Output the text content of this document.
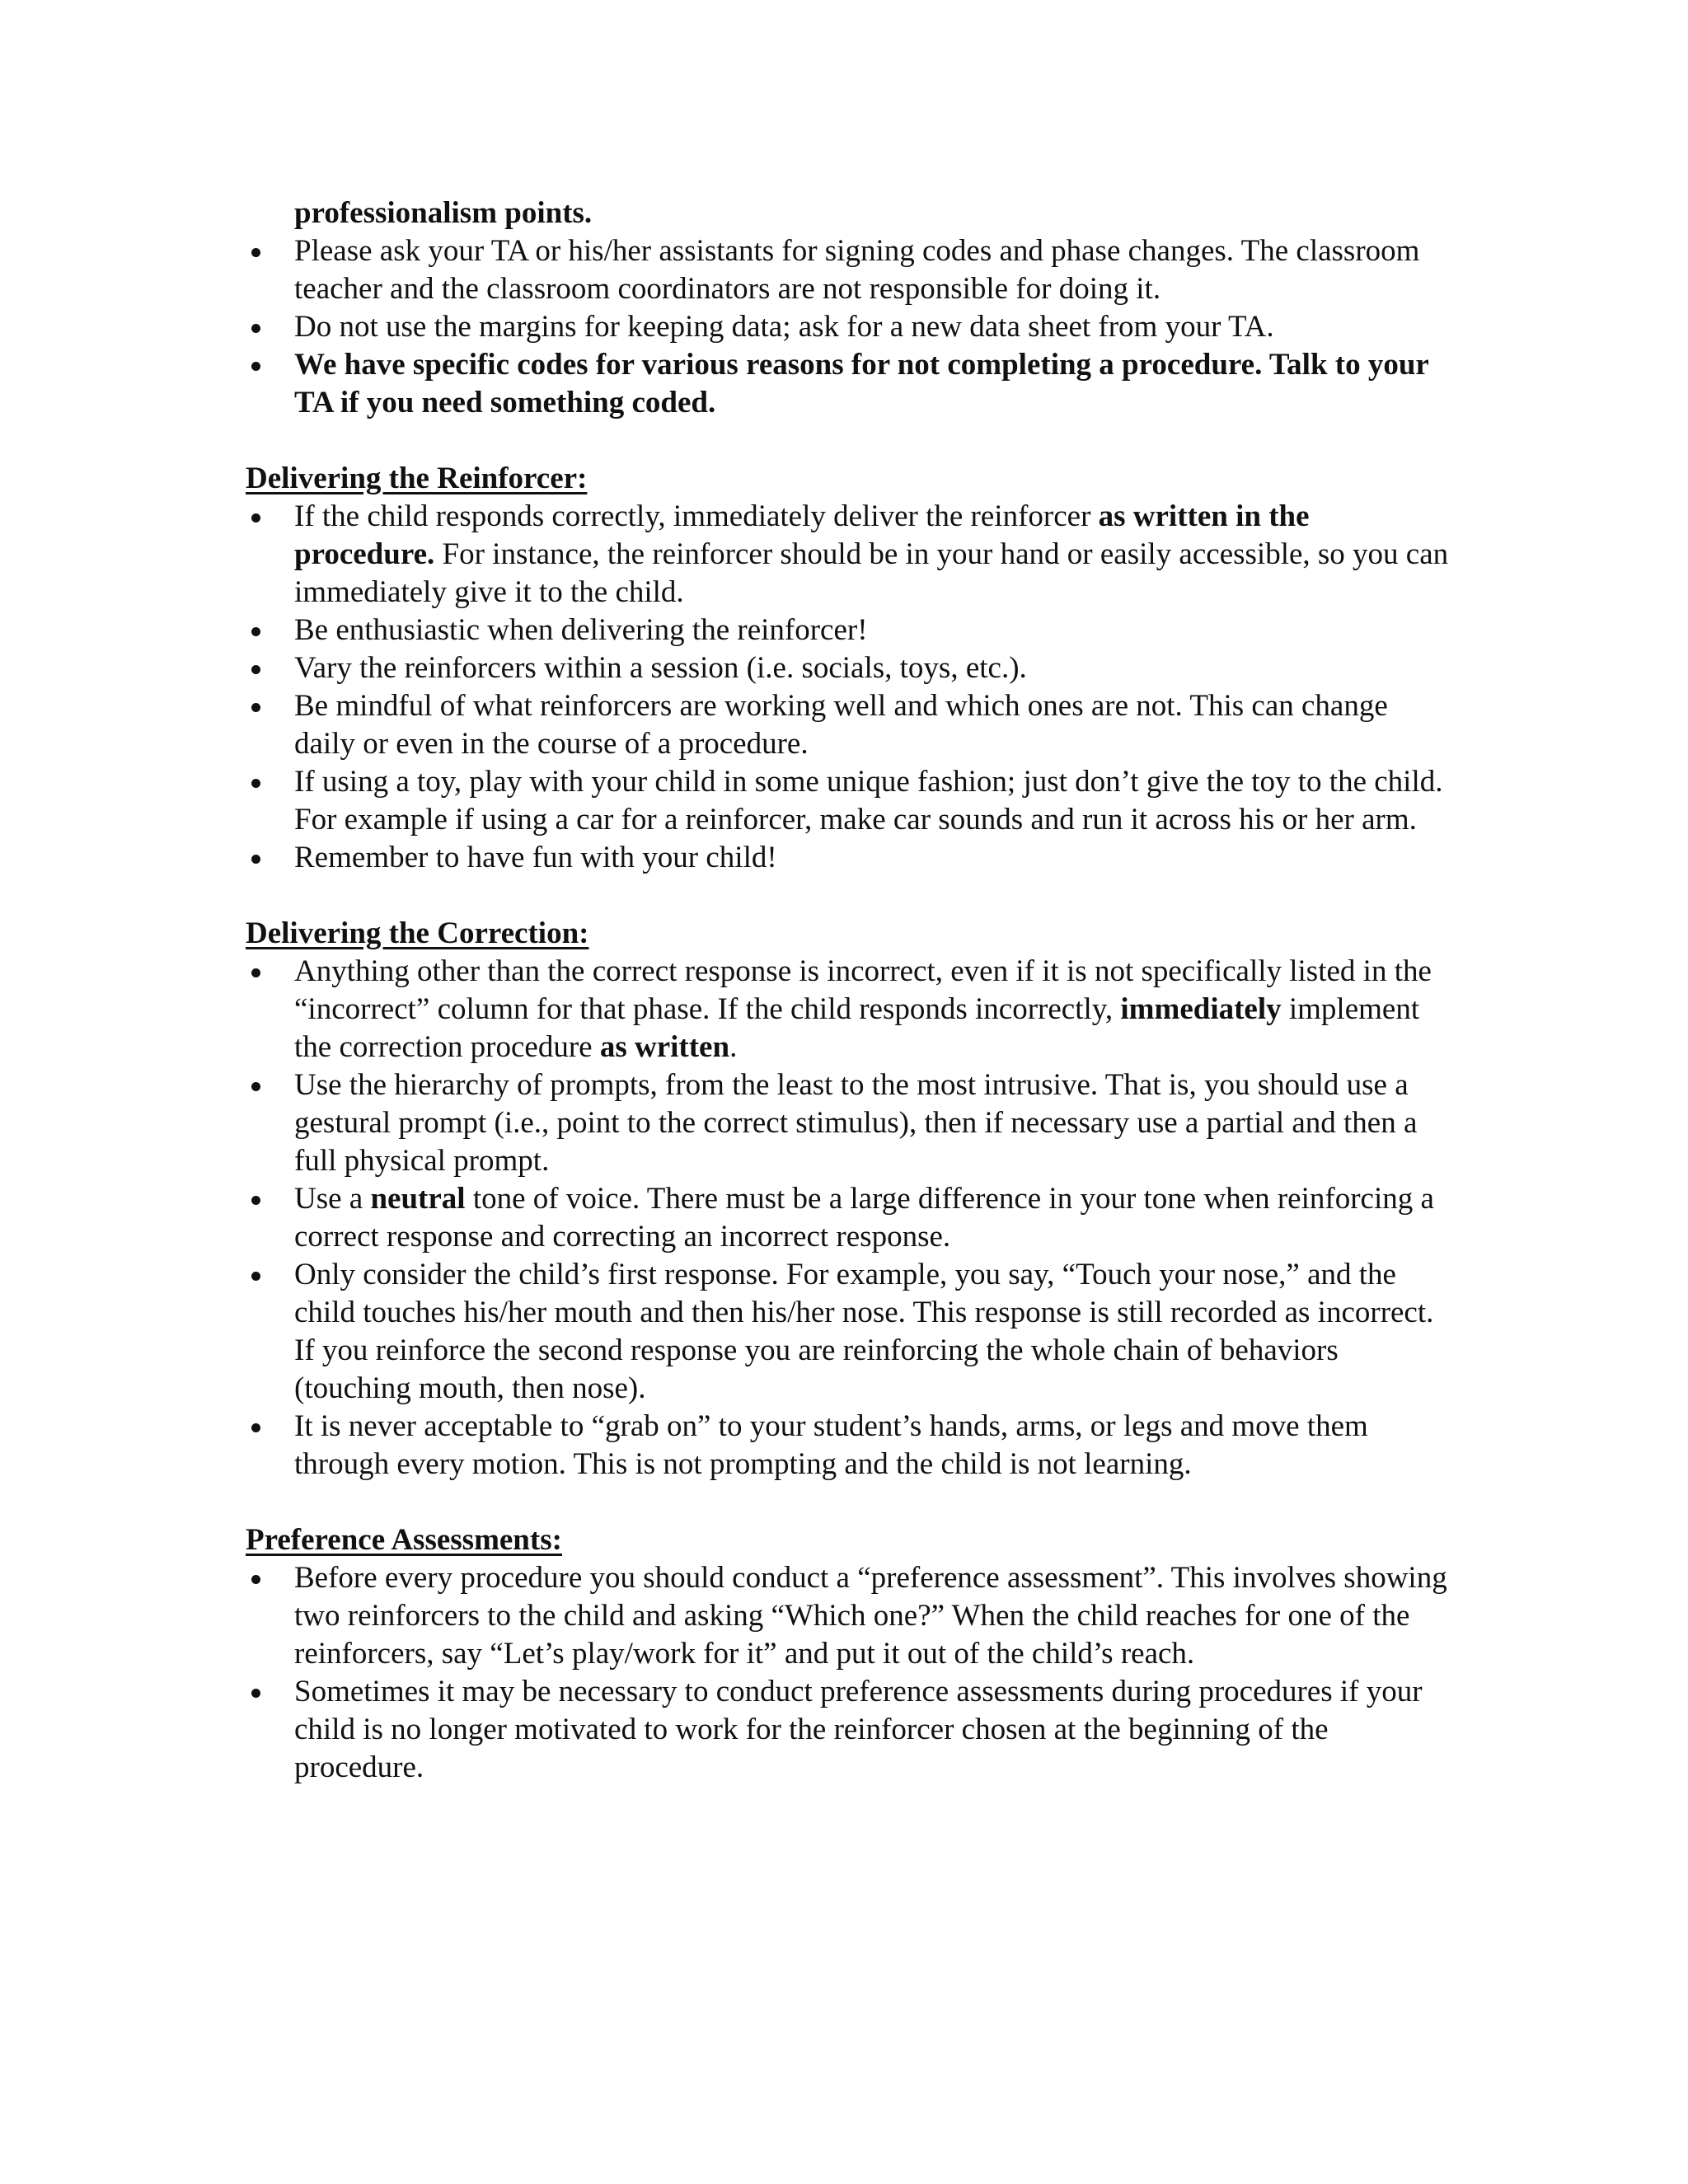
professionalism points.
Please ask your TA or his/her assistants for signing codes and phase changes. The classroom teacher and the classroom coordinators are not responsible for doing it.
Do not use the margins for keeping data; ask for a new data sheet from your TA.
We have specific codes for various reasons for not completing a procedure. Talk to your TA if you need something coded.
Delivering the Reinforcer:
If the child responds correctly, immediately deliver the reinforcer as written in the procedure. For instance, the reinforcer should be in your hand or easily accessible, so you can immediately give it to the child.
Be enthusiastic when delivering the reinforcer!
Vary the reinforcers within a session (i.e. socials, toys, etc.).
Be mindful of what reinforcers are working well and which ones are not. This can change daily or even in the course of a procedure.
If using a toy, play with your child in some unique fashion; just don’t give the toy to the child. For example if using a car for a reinforcer, make car sounds and run it across his or her arm.
Remember to have fun with your child!
Delivering the Correction:
Anything other than the correct response is incorrect, even if it is not specifically listed in the “incorrect” column for that phase. If the child responds incorrectly, immediately implement the correction procedure as written.
Use the hierarchy of prompts, from the least to the most intrusive. That is, you should use a gestural prompt (i.e., point to the correct stimulus), then if necessary use a partial and then a full physical prompt.
Use a neutral tone of voice. There must be a large difference in your tone when reinforcing a correct response and correcting an incorrect response.
Only consider the child’s first response. For example, you say, “Touch your nose,” and the child touches his/her mouth and then his/her nose. This response is still recorded as incorrect. If you reinforce the second response you are reinforcing the whole chain of behaviors (touching mouth, then nose).
It is never acceptable to “grab on” to your student’s hands, arms, or legs and move them through every motion. This is not prompting and the child is not learning.
Preference Assessments:
Before every procedure you should conduct a “preference assessment”. This involves showing two reinforcers to the child and asking “Which one?” When the child reaches for one of the reinforcers, say “Let’s play/work for it” and put it out of the child’s reach.
Sometimes it may be necessary to conduct preference assessments during procedures if your child is no longer motivated to work for the reinforcer chosen at the beginning of the procedure.
